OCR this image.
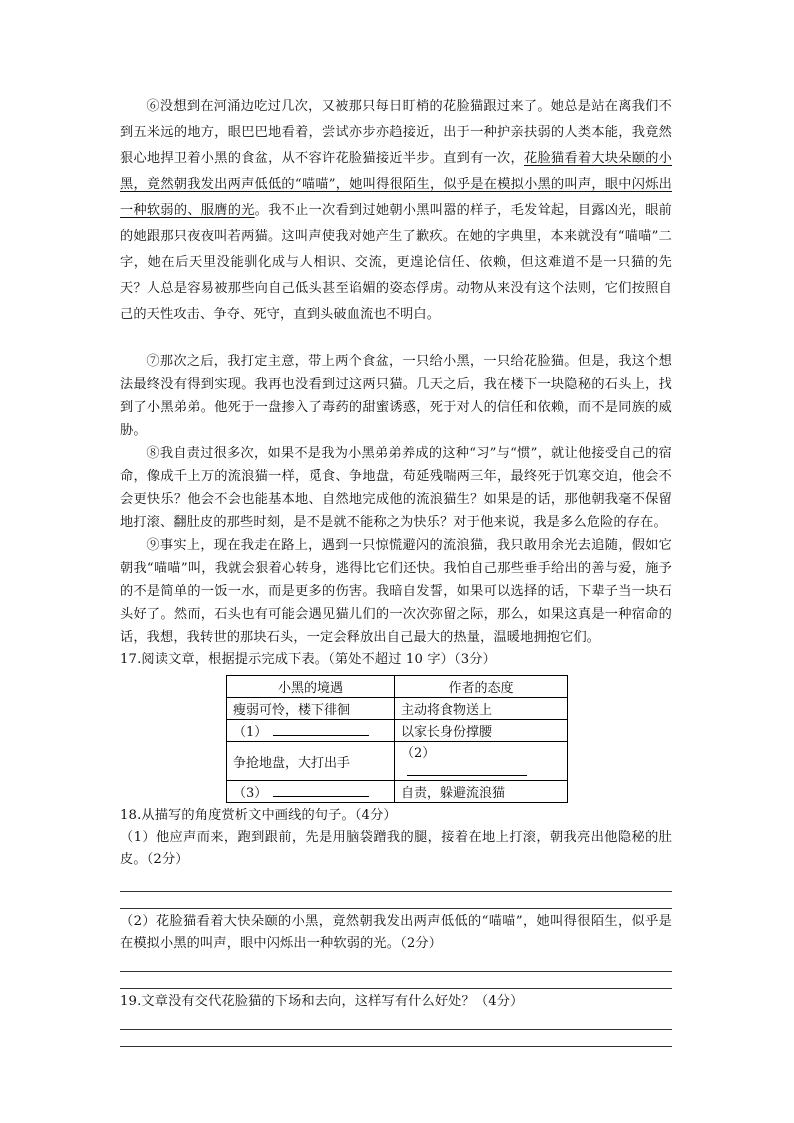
⑥没想到在河涌边吃过几次，又被那只每日盯梢的花脸猫跟过来了。她总是站在离我们不到五米远的地方，眼巴巴地看着，尝试亦步亦趋接近，出于一种护亲扶弱的人类本能，我竟然狠心地捍卫着小黑的食盆，从不容许花脸猫接近半步。直到有一次，花脸猫看着大块朵颐的小黑，竟然朝我发出两声低低的“喵喵”，她叫得很陌生，似乎是在模拟小黑的叫声，眼中闪烁出一种软弱的、服膺的光。我不止一次看到过她朝小黑叫嚣的样子，毛发耸起，目露凶光，眼前的她跟那只夜夜叫若两猫。这叫声使我对她产生了歉疚。在她的字典里，本来就没有“喵喵”二字，她在后天里没能驯化成与人相识、交流，更遑论信任、依赖，但这难道不是一只猫的先天？人总是容易被那些向自己低头甚至谄媚的姿态俘虏。动物从来没有这个法则，它们按照自己的天性攻击、争夺、死守，直到头破血流也不明白。

⑦那次之后，我打定主意，带上两个食盆，一只给小黑，一只给花脸猫。但是，我这个想法最终没有得到实现。我再也没看到过这两只猫。几天之后，我在楼下一块隐秘的石头上，找到了小黑弟弟。他死于一盘掺入了毒药的甜蜜诱惑，死于对人的信任和依赖，而不是同族的威胁。

⑧我自责过很多次，如果不是我为小黑弟弟养成的这种“习”与“惯”，就让他接受自己的宿命，像成千上万的流浪猫一样，觅食、争地盘，苟延残喘两三年，最终死于饥寒交迫，他会不会更快乐？他会不会也能基本地、自然地完成他的流浪猫生？如果是的话，那他朝我毫不保留地打滚、翻肚皮的那些时刻，是不是就不能称之为快乐？对于他来说，我是多么危险的存在。

⑨事实上，现在我走在路上，遇到一只惊慌避闪的流浪猫，我只敢用余光去追随，假如它朝我“喵喵”叫，我就会狠着心转身，逃得比它们还快。我怕自己那些垂手给出的善与爱，施予的不是简单的一饭一水，而是更多的伤害。我暗自发誓，如果可以选择的话，下辈子当一块石头好了。然而，石头也有可能会遇见猫儿们的一次次弥留之际，那么，如果这真是一种宿命的话，我想，我转世的那块石头，一定会释放出自己最大的热量，温暖地拥抱它们。

17.阅读文章，根据提示完成下表。（第处不超过 10 字）（3分）

小黑的境遇	作者的态度
瘦弱可怜，楼下徘徊	主动将食物送上
（1）	以家长身份撑腰
争抢地盘，大打出手	（2）
（3）	自责，躲避流浪猫

18.从描写的角度赏析文中画线的句子。（4分）

（1）他应声而来，跑到跟前，先是用脑袋蹭我的腿，接着在地上打滚，朝我亮出他隐秘的肚皮。（2分）

（2）花脸猫看着大快朵颐的小黑，竟然朝我发出两声低低的“喵喵”，她叫得很陌生，似乎是在模拟小黑的叫声，眼中闪烁出一种软弱的光。（2分）

19.文章没有交代花脸猫的下场和去向，这样写有什么好处？（4分）
